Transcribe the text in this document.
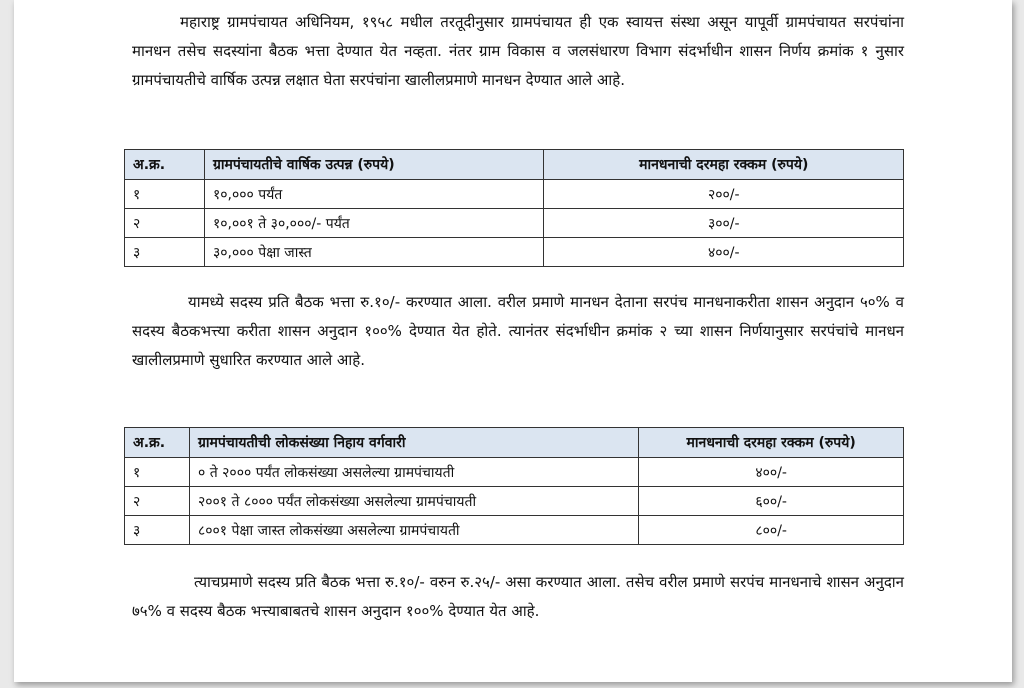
महाराष्ट्र ग्रामपंचायत अधिनियम, १९५८ मधील तरतूदीनुसार ग्रामपंचायत ही एक स्वायत्त संस्था असून यापूर्वी ग्रामपंचायत सरपंचांना मानधन तसेच सदस्यांना बैठक भत्ता देण्यात येत नव्हता. नंतर ग्राम विकास व जलसंधारण विभाग संदर्भाधीन शासन निर्णय क्रमांक १ नुसार ग्रामपंचायतीचे वार्षिक उत्पन्न लक्षात घेता सरपंचांना खालीलप्रमाणे मानधन देण्यात आले आहे.

अ.क्र.	ग्रामपंचायतीचे वार्षिक उत्पन्न (रुपये)	मानधनाची दरमहा रक्कम (रुपये)
१	१०,००० पर्यंत	२००/-
२	१०,००१ ते ३०,०००/- पर्यंत	३००/-
३	३०,००० पेक्षा जास्त	४००/-

यामध्ये सदस्य प्रति बैठक भत्ता रु.१०/- करण्यात आला. वरील प्रमाणे मानधन देताना सरपंच मानधनाकरीता शासन अनुदान ५०% व सदस्य बैठकभत्त्या करीता शासन अनुदान १००% देण्यात येत होते. त्यानंतर संदर्भाधीन क्रमांक २ च्या शासन निर्णयानुसार सरपंचांचे मानधन खालीलप्रमाणे सुधारित करण्यात आले आहे.

अ.क्र.	ग्रामपंचायतीची लोकसंख्या निहाय वर्गवारी	मानधनाची दरमहा रक्कम (रुपये)
१	० ते २००० पर्यंत लोकसंख्या असलेल्या ग्रामपंचायती	४००/-
२	२००१ ते ८००० पर्यंत लोकसंख्या असलेल्या ग्रामपंचायती	६००/-
३	८००१ पेक्षा जास्त लोकसंख्या असलेल्या ग्रामपंचायती	८००/-

त्याचप्रमाणे सदस्य प्रति बैठक भत्ता रु.१०/- वरुन रु.२५/- असा करण्यात आला. तसेच वरील प्रमाणे सरपंच मानधनाचे शासन अनुदान ७५% व सदस्य बैठक भत्त्याबाबतचे शासन अनुदान १००% देण्यात येत आहे.
